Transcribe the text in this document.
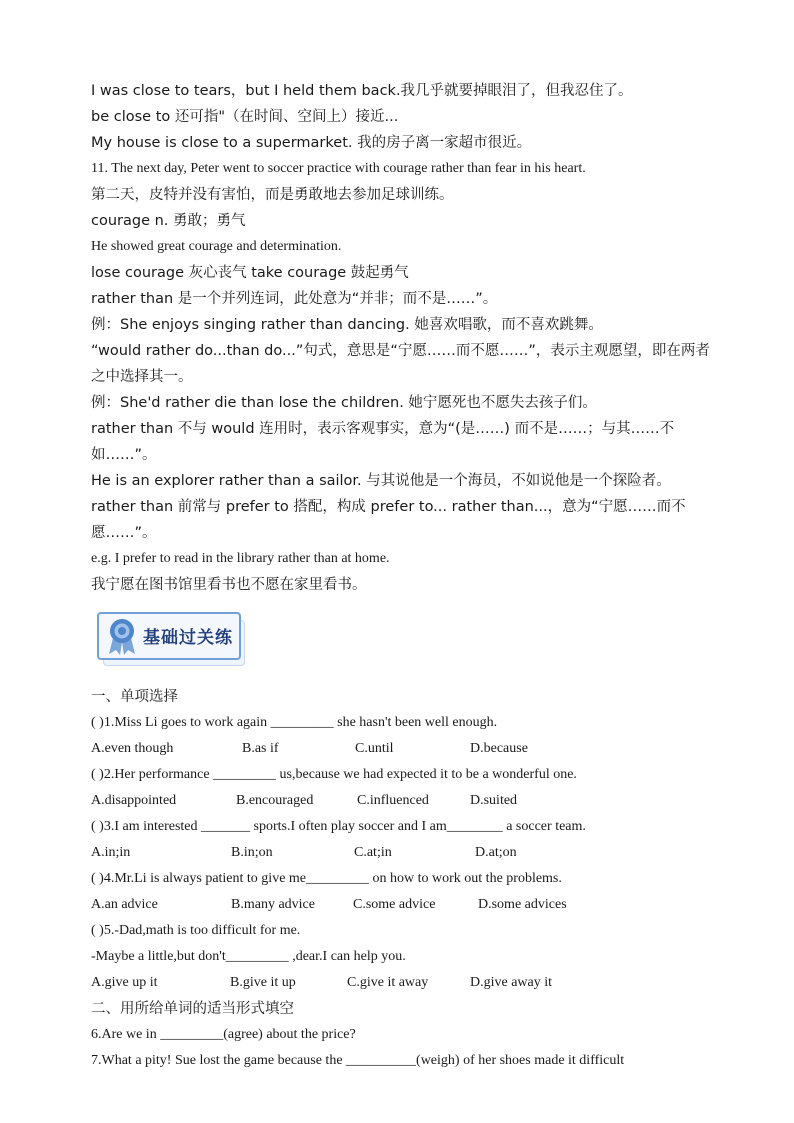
I was close to tears，but I held them back.我几乎就要掉眼泪了，但我忍住了。
be close to 还可指"（在时间、空间上）接近...
My house is close to a supermarket. 我的房子离一家超市很近。
11. The next day, Peter went to soccer practice with courage rather than fear in his heart.
第二天，皮特并没有害怕，而是勇敢地去参加足球训练。
courage n. 勇敢；勇气
He showed great courage and determination.
lose courage 灰心丧气 take courage 鼓起勇气
rather than 是一个并列连词，此处意为“并非；而不是……”。
例：She enjoys singing rather than dancing. 她喜欢唱歌，而不喜欢跳舞。
“would rather do...than do...”句式，意思是“宁愿……而不愿……”，表示主观愿望，即在两者之中选择其一。
例：She'd rather die than lose the children. 她宁愿死也不愿失去孩子们。
rather than 不与 would 连用时，表示客观事实，意为“(是……) 而不是……；与其……不如……”。
He is an explorer rather than a sailor. 与其说他是一个海员，不如说他是一个探险者。
rather than 前常与 prefer to 搭配，构成 prefer to... rather than...，意为“宁愿……而不愿……”。
e.g. I prefer to read in the library rather than at home.
我宁愿在图书馆里看书也不愿在家里看书。
基础过关练
一、单项选择
( )1.Miss Li goes to work again _________ she hasn't been well enough.
A.even though	B.as if	C.until	D.because
( )2.Her performance _________ us,because we had expected it to be a wonderful one.
A.disappointed	B.encouraged	C.influenced	D.suited
( )3.I am interested _______ sports.I often play soccer and I am________ a soccer team.
A.in;in	B.in;on	C.at;in	D.at;on
( )4.Mr.Li is always patient to give me_________ on how to work out the problems.
A.an advice	B.many advice	C.some advice	D.some advices
( )5.-Dad,math is too difficult for me.
-Maybe a little,but don't_________ ,dear.I can help you.
A.give up it	B.give it up	C.give it away	D.give away it
二、用所给单词的适当形式填空
6.Are we in _________(agree) about the price?
7.What a pity! Sue lost the game because the __________(weigh) of her shoes made it difficult
